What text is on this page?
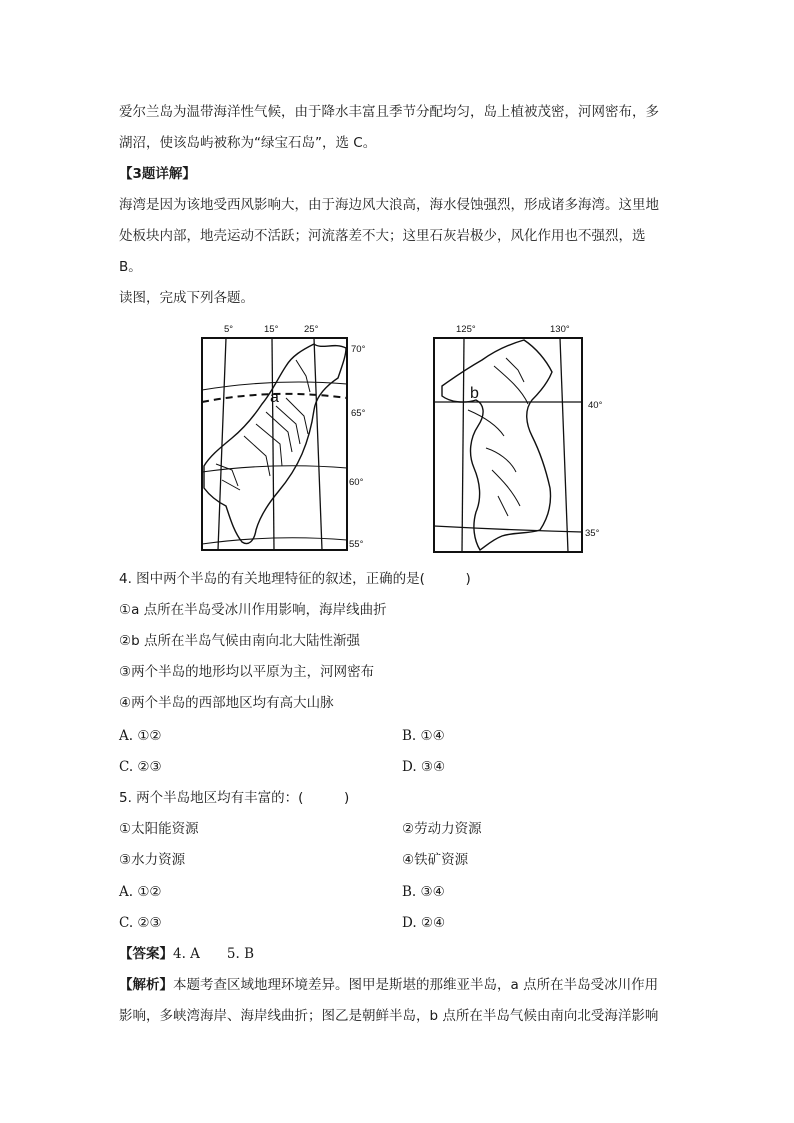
爱尔兰岛为温带海洋性气候，由于降水丰富且季节分配均匀，岛上植被茂密，河网密布，多
湖沼，使该岛屿被称为“绿宝石岛”，选 C。
【3题详解】
海湾是因为该地受西风影响大，由于海边风大浪高，海水侵蚀强烈，形成诸多海湾。这里地
处板块内部，地壳运动不活跃；河流落差不大；这里石灰岩极少，风化作用也不强烈，选
B。
读图，完成下列各题。
5°	15°	25°
70°
65°
60°
55°
a
125°	130°
40°
35°
b
4. 图中两个半岛的有关地理特征的叙述，正确的是(　　　)
①a 点所在半岛受冰川作用影响，海岸线曲折
②b 点所在半岛气候由南向北大陆性渐强
③两个半岛的地形均以平原为主，河网密布
④两个半岛的西部地区均有高大山脉
A. ①②	B. ①④
C. ②③	D. ③④
5. 两个半岛地区均有丰富的：(　　　)
①太阳能资源	②劳动力资源
③水力资源	④铁矿资源
A. ①②	B. ③④
C. ②③	D. ②④
【答案】4. A　　5. B
【解析】本题考查区域地理环境差异。图甲是斯堪的那维亚半岛，a 点所在半岛受冰川作用
影响，多峡湾海岸、海岸线曲折；图乙是朝鲜半岛，b 点所在半岛气候由南向北受海洋影响
